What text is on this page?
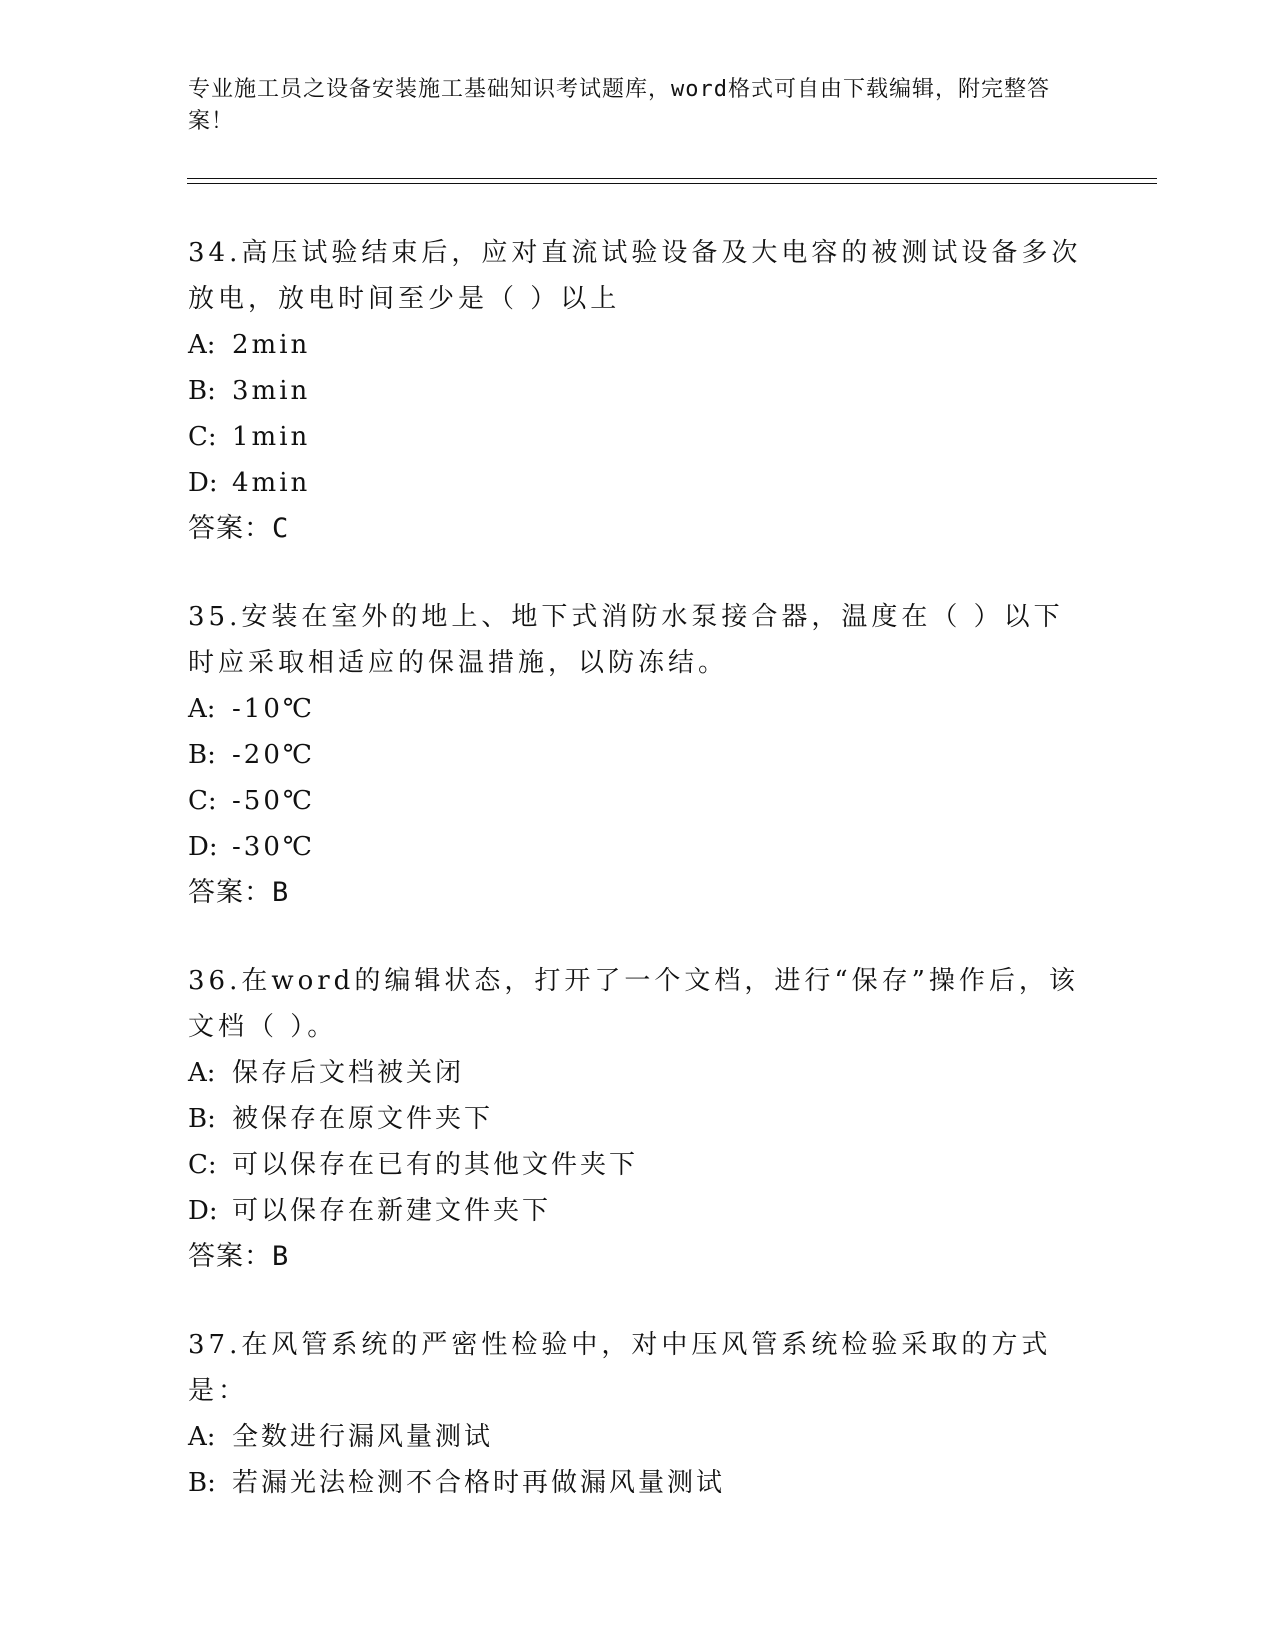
专业施工员之设备安装施工基础知识考试题库，word格式可自由下载编辑，附完整答案！

34.高压试验结束后，应对直流试验设备及大电容的被测试设备多次放电，放电时间至少是（ ）以上

A: 2min

B: 3min

C: 1min

D: 4min

答案：C

35.安装在室外的地上、地下式消防水泵接合器，温度在（ ）以下时应采取相适应的保温措施，以防冻结。

A: -10℃

B: -20℃

C: -50℃

D: -30℃

答案：B

36.在word的编辑状态，打开了一个文档，进行“保存”操作后，该文档（ ）。

A: 保存后文档被关闭

B: 被保存在原文件夹下

C: 可以保存在已有的其他文件夹下

D: 可以保存在新建文件夹下

答案：B

37.在风管系统的严密性检验中，对中压风管系统检验采取的方式是：

A: 全数进行漏风量测试

B: 若漏光法检测不合格时再做漏风量测试
